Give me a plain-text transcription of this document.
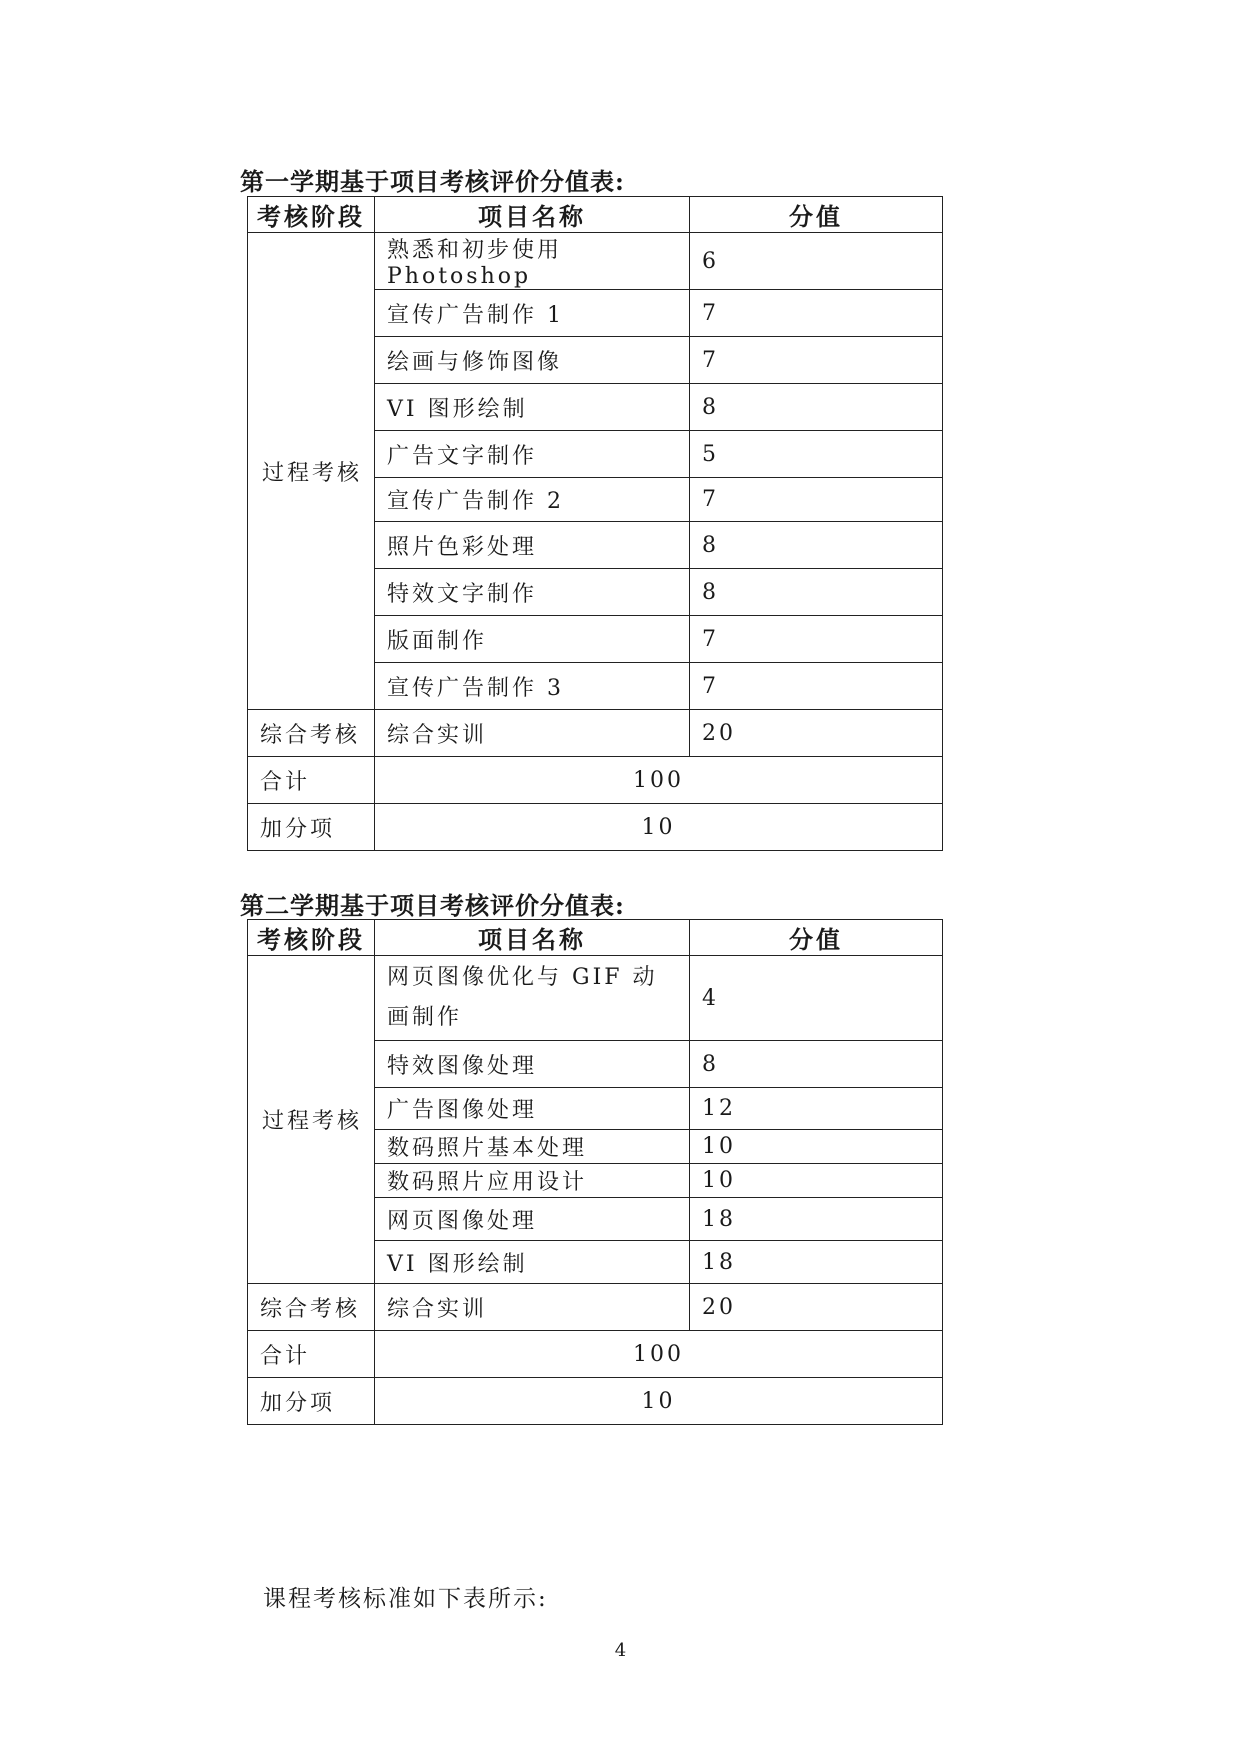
第一学期基于项目考核评价分值表:
考核阶段	项目名称	分值
过程考核	熟悉和初步使用 Photoshop	6
	宣传广告制作 1	7
	绘画与修饰图像	7
	VI 图形绘制	8
	广告文字制作	5
	宣传广告制作 2	7
	照片色彩处理	8
	特效文字制作	8
	版面制作	7
	宣传广告制作 3	7
综合考核	综合实训	20
合计	100	
加分项	10	
第二学期基于项目考核评价分值表:
考核阶段	项目名称	分值
过程考核	网页图像优化与 GIF 动画制作	4
	特效图像处理	8
	广告图像处理	12
	数码照片基本处理	10
	数码照片应用设计	10
	网页图像处理	18
	VI 图形绘制	18
综合考核	综合实训	20
合计	100	
加分项	10	
课程考核标准如下表所示:
4
